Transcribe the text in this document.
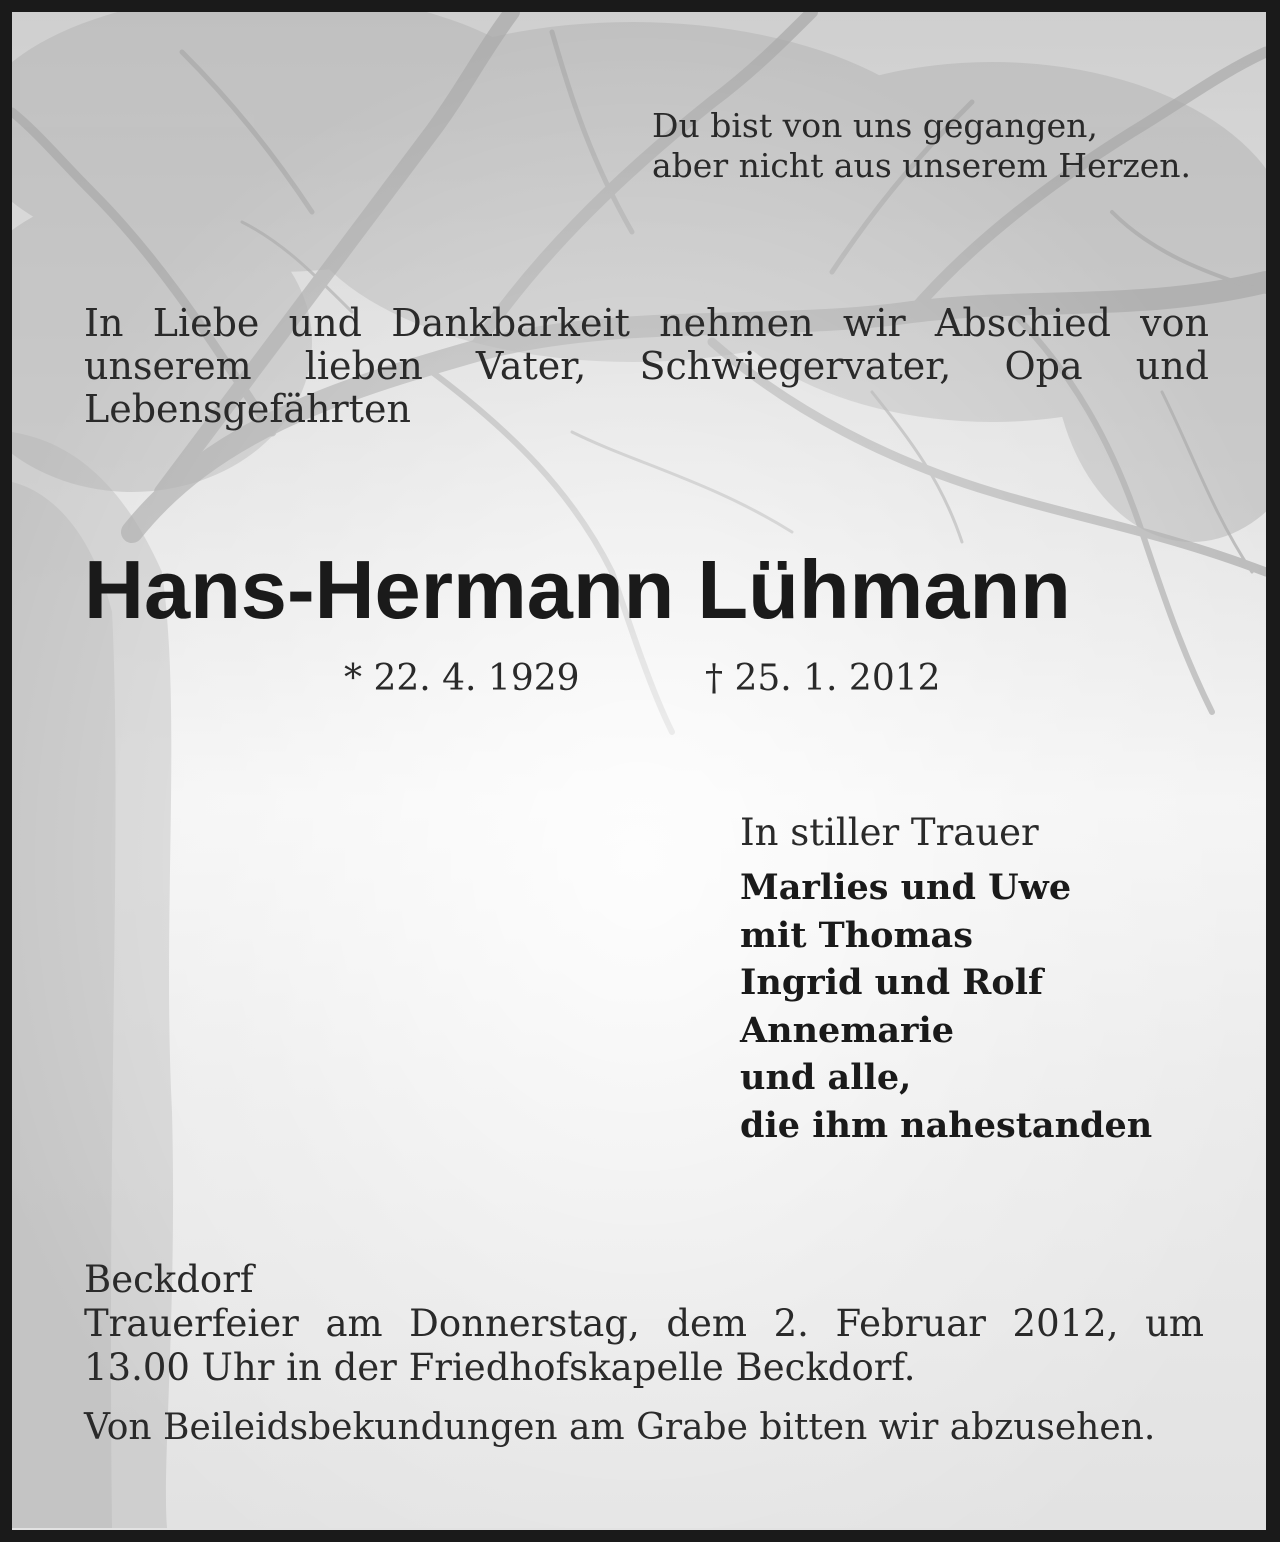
Du bist von uns gegangen,
aber nicht aus unserem Herzen.
In Liebe und Dankbarkeit nehmen wir Abschied von unserem lieben Vater, Schwiegervater, Opa und Lebensgefährten
Hans-Hermann Lühmann
* 22. 4. 1929	† 25. 1. 2012
In stiller Trauer
Marlies und Uwe
mit Thomas
Ingrid und Rolf
Annemarie
und alle,
die ihm nahestanden
Beckdorf
Trauerfeier am Donnerstag, dem 2. Februar 2012, um 13.00 Uhr in der Friedhofskapelle Beckdorf.
Von Beileidsbekundungen am Grabe bitten wir abzusehen.
